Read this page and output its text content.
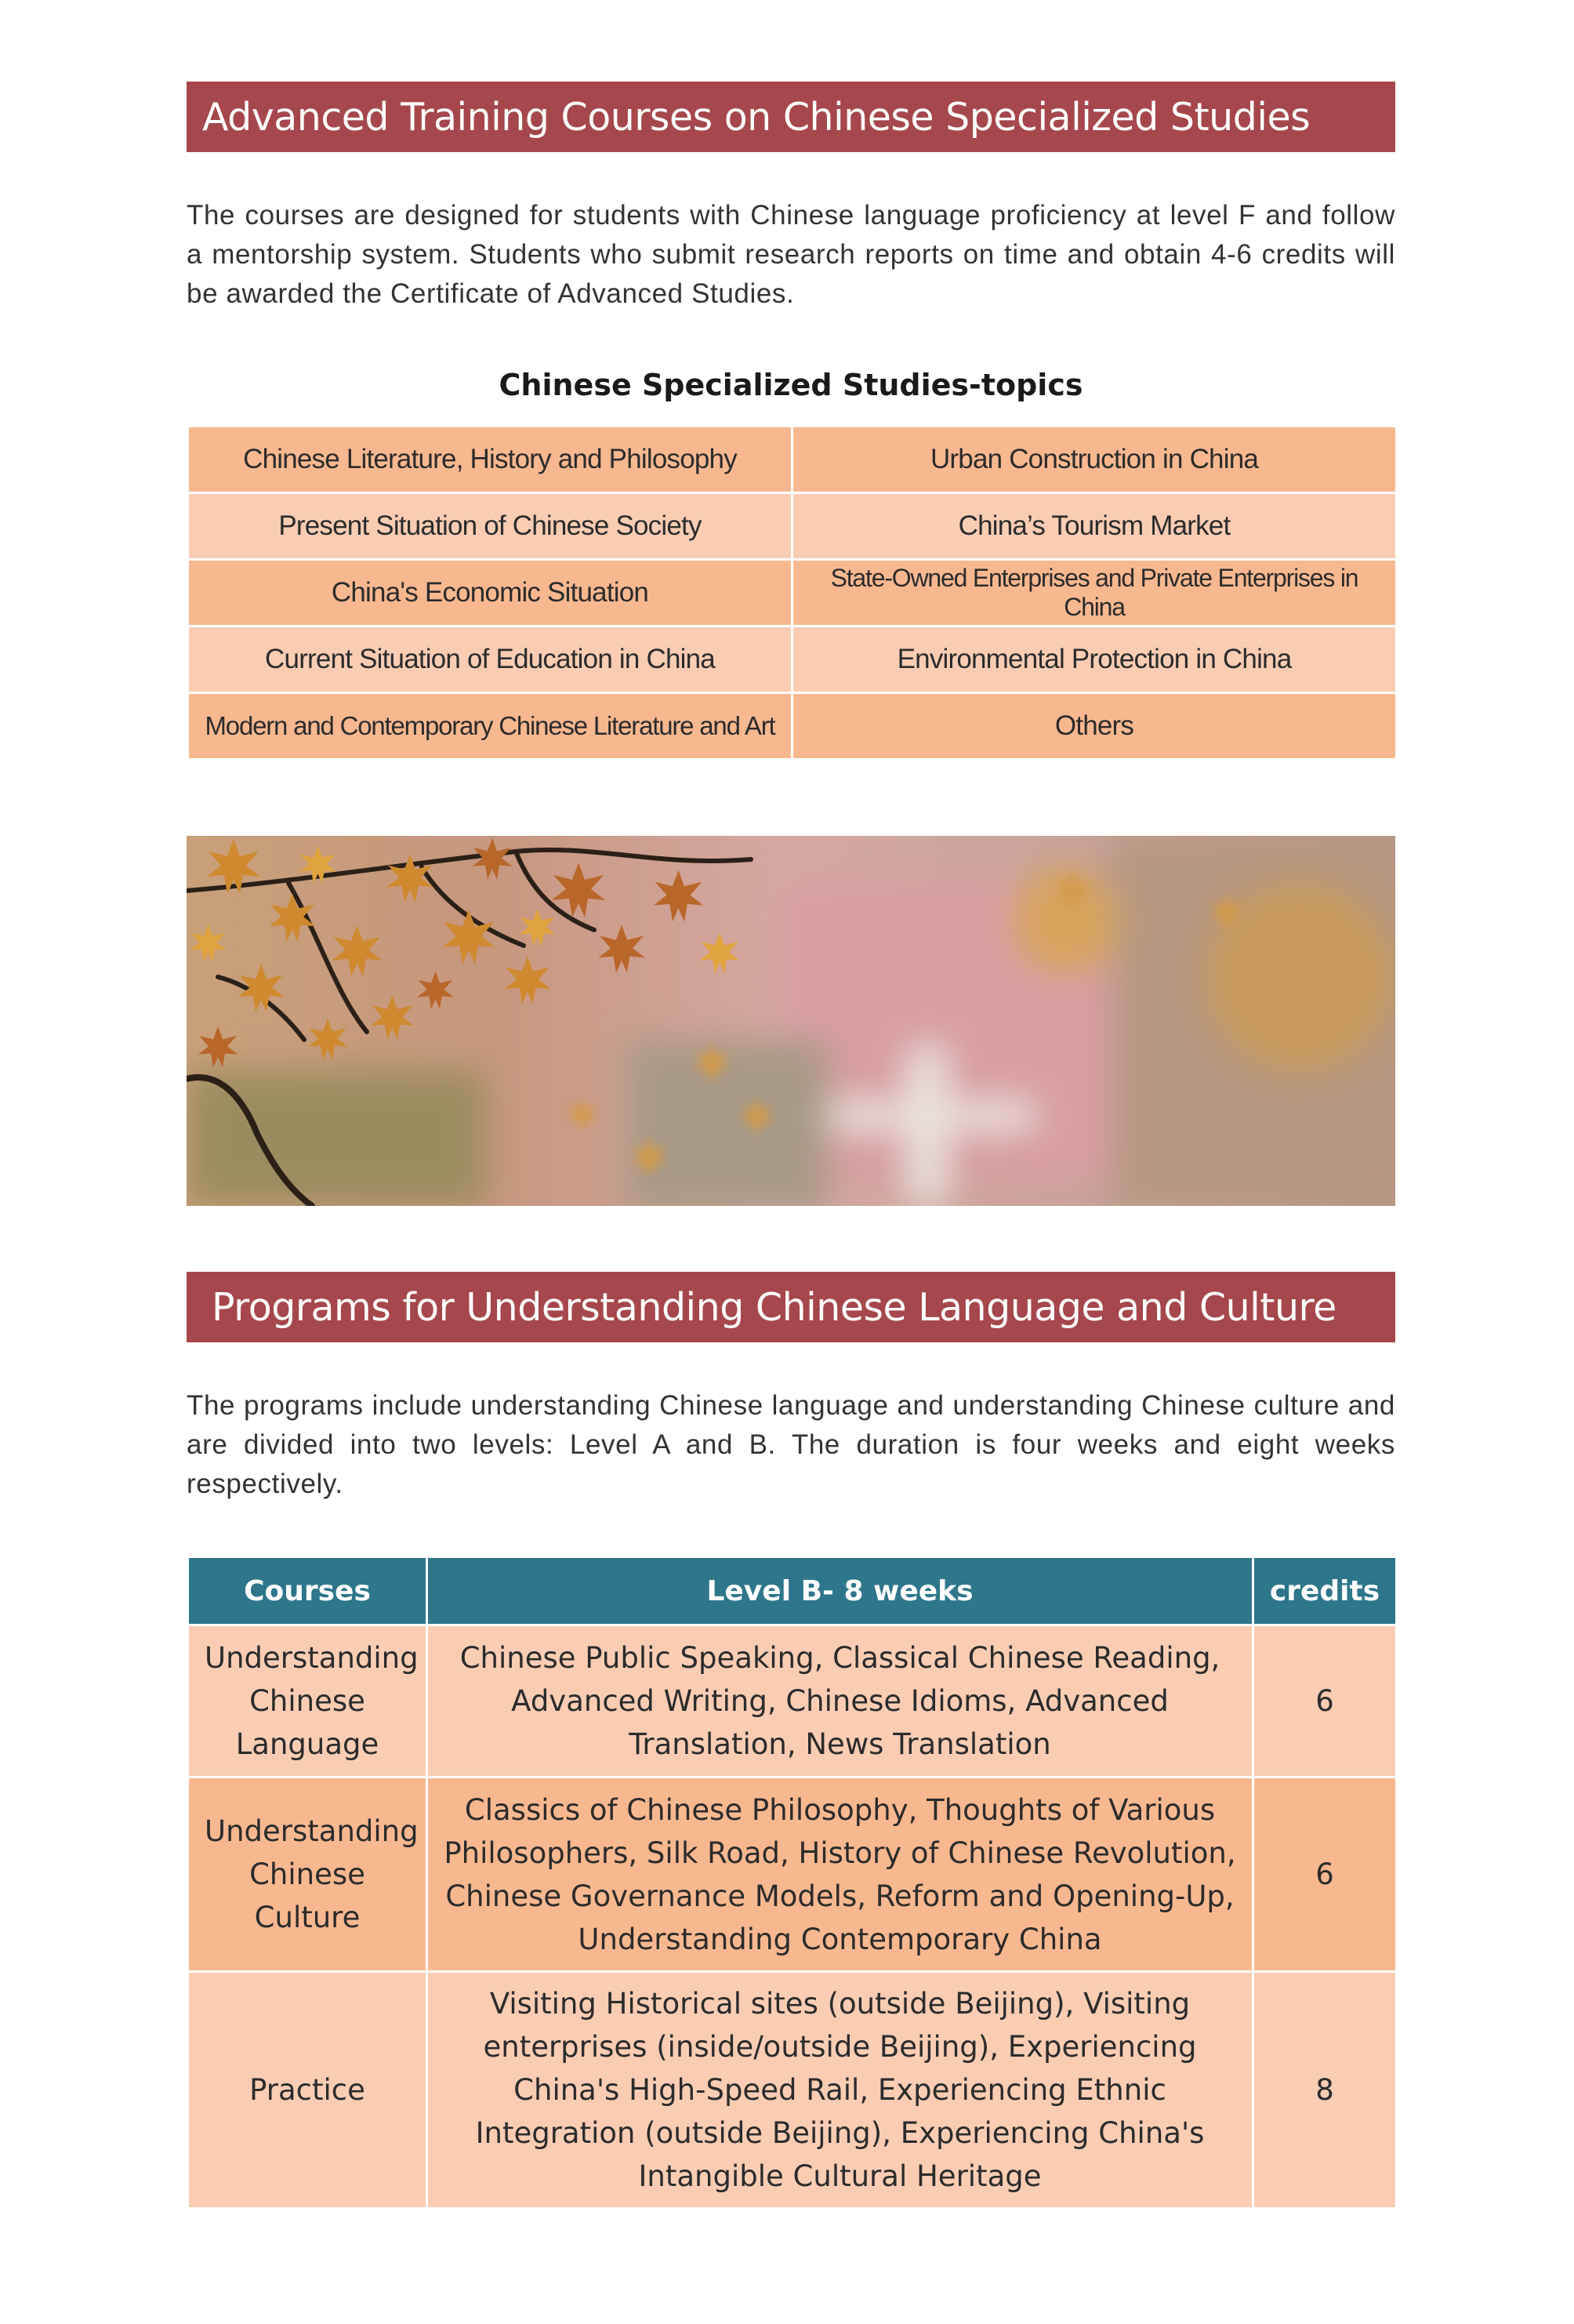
Advanced Training Courses on Chinese Specialized Studies
The courses are designed for students with Chinese language proficiency at level F and follow a mentorship system. Students who submit research reports on time and obtain 4-6 credits will be awarded the Certificate of Advanced Studies.
Chinese Specialized Studies-topics
Chinese Literature, History and Philosophy	Urban Construction in China
Present Situation of Chinese Society	China’s Tourism Market
China's Economic Situation	State-Owned Enterprises and Private Enterprises in China
Current Situation of Education in China	Environmental Protection in China
Modern and Contemporary Chinese Literature and Art	Others
Programs for Understanding Chinese Language and Culture
The programs include understanding Chinese language and understanding Chinese culture and are divided into two levels: Level A and B. The duration is four weeks and eight weeks respectively.
Courses	Level B- 8 weeks	credits
Understanding Chinese Language	Chinese Public Speaking, Classical Chinese Reading, Advanced Writing, Chinese Idioms, Advanced Translation, News Translation	6
Understanding Chinese Culture	Classics of Chinese Philosophy, Thoughts of Various Philosophers, Silk Road, History of Chinese Revolution, Chinese Governance Models, Reform and Opening-Up, Understanding Contemporary China	6
Practice	Visiting Historical sites (outside Beijing), Visiting enterprises (inside/outside Beijing), Experiencing China's High-Speed Rail, Experiencing Ethnic Integration (outside Beijing), Experiencing China's Intangible Cultural Heritage	8
